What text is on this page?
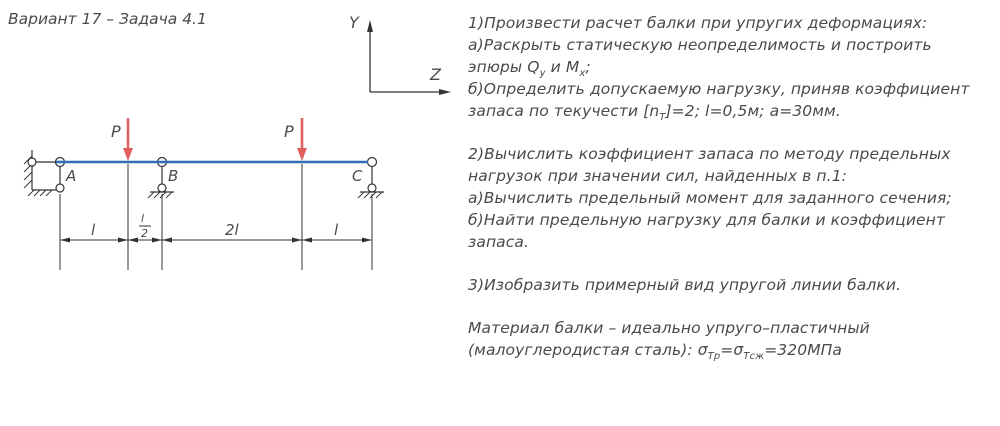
Вариант 17 – Задача 4.1	Y
Z
P	P
A	B	C
l
l
2	2l	l

1)Произвести расчет балки при упругих деформациях:

а)Раскрыть статическую неопределимость и построить

эпюры $Q_y$ и $M_x$;

б)Определить допускаемую нагрузку, приняв коэффициент

запаса по текучести $[n_T]=2$; l=0,5м; a=30мм.

2)Вычислить коэффициент запаса по методу предельных

нагрузок при значении сил, найденных в п.1:

а)Вычислить предельный момент для заданного сечения;

б)Найти предельную нагрузку для балки и коэффициент

запаса.

3)Изобразить примерный вид упругой линии балки.

Материал балки – идеально упруго–пластичный

(малоуглеродистая сталь): $\sigma_{Тр}=\sigma_{Тсж}=320МПа$
